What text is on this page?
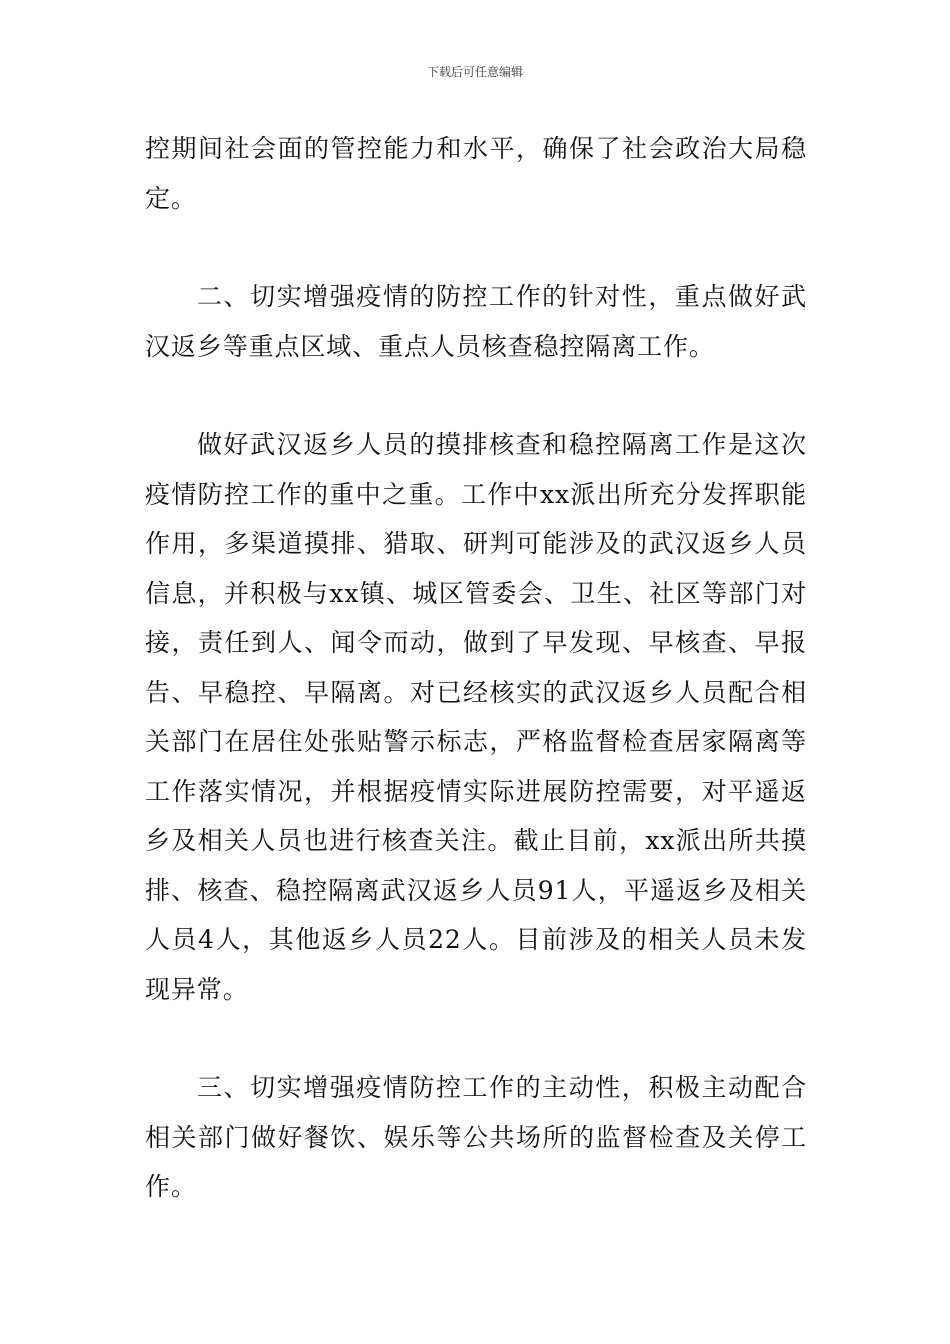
下载后可任意编辑

控期间社会面的管控能力和水平，确保了社会政治大局稳定。

二、切实增强疫情的防控工作的针对性，重点做好武汉返乡等重点区域、重点人员核查稳控隔离工作。

做好武汉返乡人员的摸排核查和稳控隔离工作是这次疫情防控工作的重中之重。工作中xx派出所充分发挥职能作用，多渠道摸排、猎取、研判可能涉及的武汉返乡人员信息，并积极与xx镇、城区管委会、卫生、社区等部门对接，责任到人、闻令而动，做到了早发现、早核查、早报告、早稳控、早隔离。对已经核实的武汉返乡人员配合相关部门在居住处张贴警示标志，严格监督检查居家隔离等工作落实情况，并根据疫情实际进展防控需要，对平遥返乡及相关人员也进行核查关注。截止目前，xx派出所共摸排、核查、稳控隔离武汉返乡人员91人，平遥返乡及相关人员4人，其他返乡人员22人。目前涉及的相关人员未发现异常。

三、切实增强疫情防控工作的主动性，积极主动配合相关部门做好餐饮、娱乐等公共场所的监督检查及关停工作。
